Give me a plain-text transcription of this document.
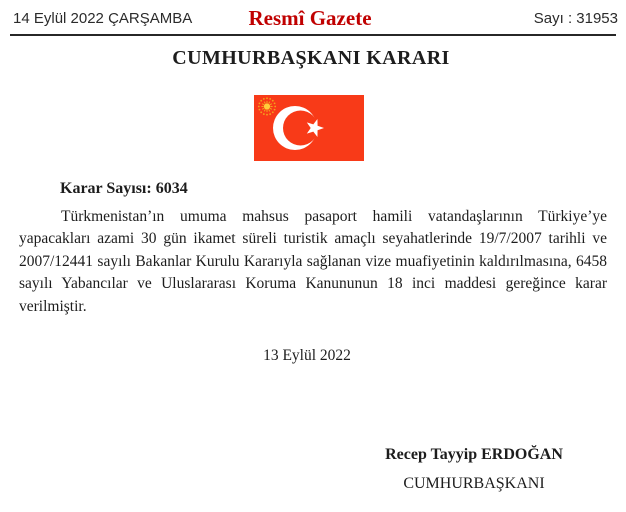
14 Eylül 2022 ÇARŞAMBA	Resmî Gazete	Sayı : 31953
CUMHURBAŞKANI KARARI
Karar Sayısı: 6034
Türkmenistan’ın umuma mahsus pasaport hamili vatandaşlarının Türkiye’ye yapacakları azami 30 gün ikamet süreli turistik amaçlı seyahatlerinde 19/7/2007 tarihli ve 2007/12441 sayılı Bakanlar Kurulu Kararıyla sağlanan vize muafiyetinin kaldırılmasına, 6458 sayılı Yabancılar ve Uluslararası Koruma Kanununun 18 inci maddesi gereğince karar verilmiştir.
13 Eylül 2022
Recep Tayyip ERDOĞAN
CUMHURBAŞKANI
